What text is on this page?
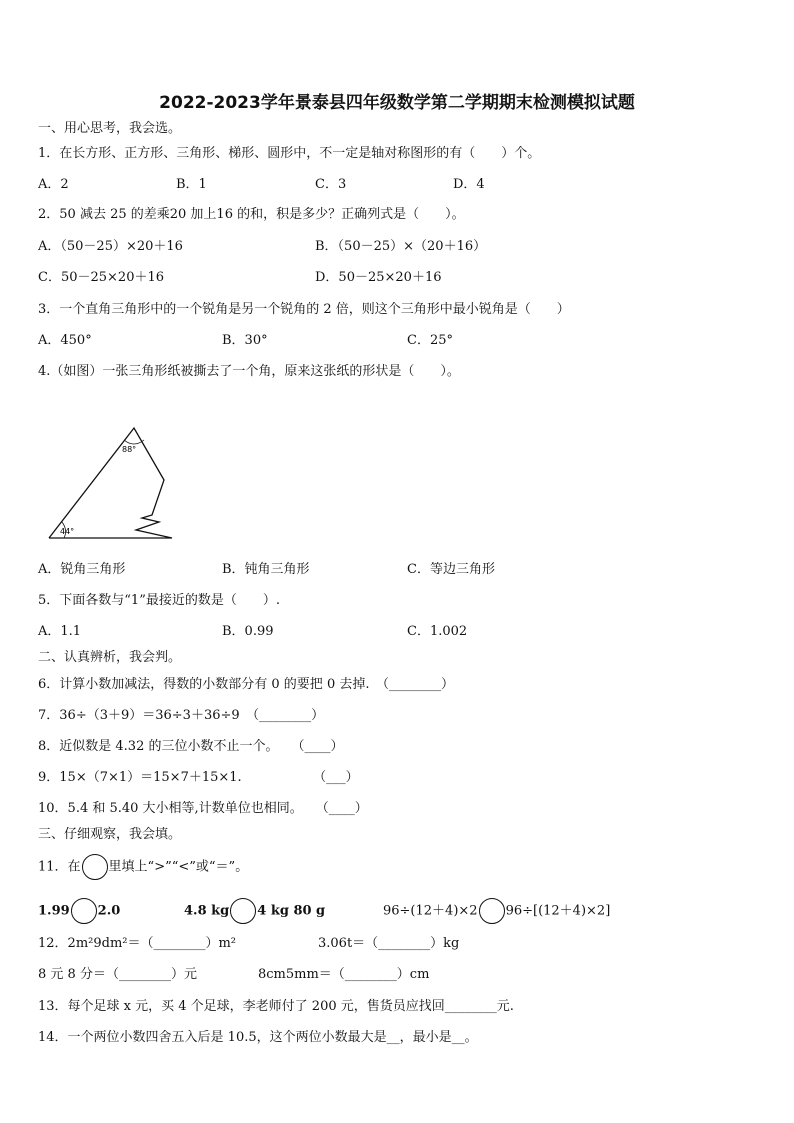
2022-2023学年景泰县四年级数学第二学期期末检测模拟试题
一、用心思考，我会选。
1．在长方形、正方形、三角形、梯形、圆形中，不一定是轴对称图形的有（　　）个。
A．2	B．1	C．3	D．4
2．50 减去 25 的差乘20 加上16 的和，积是多少？正确列式是（　　）。
A．（50－25）×20＋16	B．（50－25）×（20＋16）
C．50－25×20＋16	D．50－25×20＋16
3．一个直角三角形中的一个锐角是另一个锐角的 2 倍，则这个三角形中最小锐角是（　　）
A．450°	B．30°	C．25°
4.（如图）一张三角形纸被撕去了一个角，原来这张纸的形状是（　　）。
88°
44°
A．锐角三角形	B．钝角三角形	C．等边三角形
5．下面各数与“1”最接近的数是（　　）.
A．1.1	B．0.99	C．1.002
二、认真辨析，我会判。
6．计算小数加减法，得数的小数部分有 0 的要把 0 去掉.　（________）
7．36÷（3＋9）＝36÷3＋36÷9　（________）
8．近似数是 4.32 的三位小数不止一个。　　（____）
9．15×（7×1）＝15×7＋15×1.　　　　　　（___）
10．5.4 和 5.40 大小相等,计数单位也相同。　　（____）
三、仔细观察，我会填。
11．在 里填上“>”“<”或“＝”。
1.99 2.0	4.8 kg 4 kg 80 g	96÷(12＋4)×2 96÷[(12＋4)×2]
12．2m²9dm²＝（________）m²	3.06t＝（________）kg
8 元 8 分＝（________）元	8cm5mm＝（________）cm
13．每个足球 x 元，买 4 个足球，李老师付了 200 元，售货员应找回________元.
14．一个两位小数四舍五入后是 10.5，这个两位小数最大是__，最小是__。
